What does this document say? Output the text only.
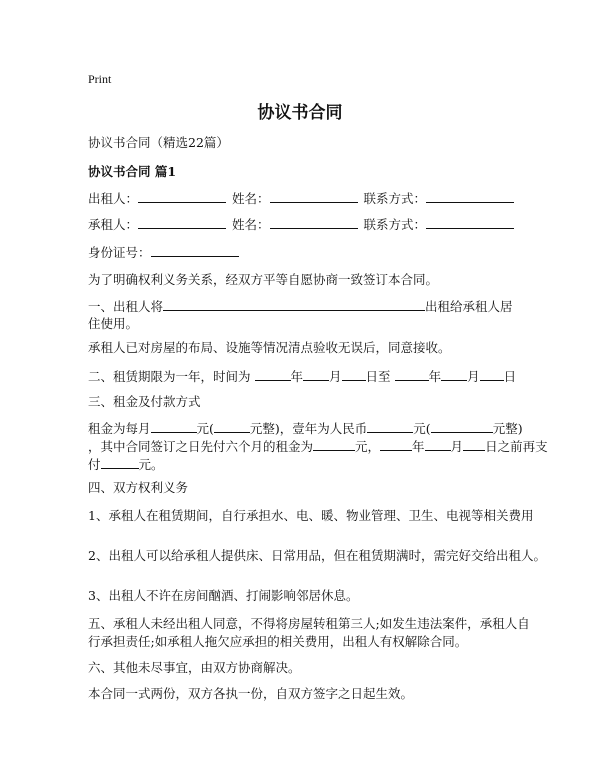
Print
协议书合同
协议书合同（精选22篇）
协议书合同 篇1
出租人：	姓名：	联系方式：
承租人：	姓名：	联系方式：
身份证号：
为了明确权利义务关系，经双方平等自愿协商一致签订本合同。
一、出租人将	出租给承租人居
住使用。
承租人已对房屋的布局、设施等情况清点验收无误后，同意接收。
二、租赁期限为一年，时间为	年 月 日至	年 月 日
三、租金及付款方式
租金为每月	元(	元整)，壹年为人民币	元(	元整)
，其中合同签订之日先付六个月的租金为	元，	年 月 日之前再支
付	元。
四、双方权利义务
1、承租人在租赁期间，自行承担水、电、暖、物业管理、卫生、电视等相关费用
2、出租人可以给承租人提供床、日常用品，但在租赁期满时，需完好交给出租人。
3、出租人不许在房间酗酒、打闹影响邻居休息。
五、承租人未经出租人同意，不得将房屋转租第三人;如发生违法案件，承租人自
行承担责任;如承租人拖欠应承担的相关费用，出租人有权解除合同。
六、其他未尽事宜，由双方协商解决。
本合同一式两份，双方各执一份，自双方签字之日起生效。
